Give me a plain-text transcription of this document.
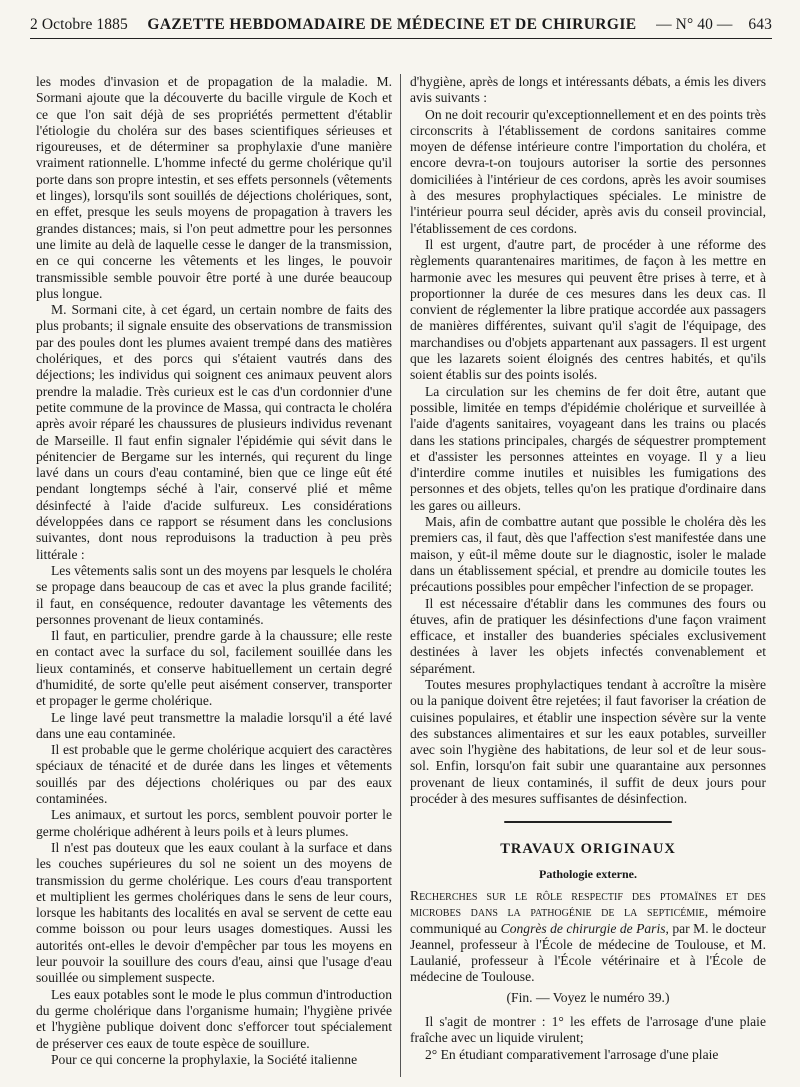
2 Octobre 1885 GAZETTE HEBDOMADAIRE DE MÉDECINE ET DE CHIRURGIE — N° 40 — 643

les modes d'invasion et de propagation de la maladie. M. Sormani ajoute que la découverte du bacille virgule de Koch et ce que l'on sait déjà de ses propriétés permettent d'établir l'étiologie du choléra sur des bases scientifiques sérieuses et rigoureuses, et de déterminer sa prophylaxie d'une manière vraiment rationnelle. L'homme infecté du germe cholérique qu'il porte dans son propre intestin, et ses effets personnels (vêtements et linges), lorsqu'ils sont souillés de déjections cholériques, sont, en effet, presque les seuls moyens de propagation à travers les grandes distances; mais, si l'on peut admettre pour les personnes une limite au delà de laquelle cesse le danger de la transmission, en ce qui concerne les vêtements et les linges, le pouvoir transmissible semble pouvoir être porté à une durée beaucoup plus longue.

M. Sormani cite, à cet égard, un certain nombre de faits des plus probants; il signale ensuite des observations de transmission par des poules dont les plumes avaient trempé dans des matières cholériques, et des porcs qui s'étaient vautrés dans des déjections; les individus qui soignent ces animaux peuvent alors prendre la maladie. Très curieux est le cas d'un cordonnier d'une petite commune de la province de Massa, qui contracta le choléra après avoir réparé les chaussures de plusieurs individus revenant de Marseille. Il faut enfin signaler l'épidémie qui sévit dans le pénitencier de Bergame sur les internés, qui reçurent du linge lavé dans un cours d'eau contaminé, bien que ce linge eût été pendant longtemps séché à l'air, conservé plié et même désinfecté à l'aide d'acide sulfureux. Les considérations développées dans ce rapport se résument dans les conclusions suivantes, dont nous reproduisons la traduction à peu près littérale :

Les vêtements salis sont un des moyens par lesquels le choléra se propage dans beaucoup de cas et avec la plus grande facilité; il faut, en conséquence, redouter davantage les vêtements des personnes provenant de lieux contaminés.

Il faut, en particulier, prendre garde à la chaussure; elle reste en contact avec la surface du sol, facilement souillée dans les lieux contaminés, et conserve habituellement un certain degré d'humidité, de sorte qu'elle peut aisément conserver, transporter et propager le germe cholérique.

Le linge lavé peut transmettre la maladie lorsqu'il a été lavé dans une eau contaminée.

Il est probable que le germe cholérique acquiert des caractères spéciaux de ténacité et de durée dans les linges et vêtements souillés par des déjections cholériques ou par des eaux contaminées.

Les animaux, et surtout les porcs, semblent pouvoir porter le germe cholérique adhérent à leurs poils et à leurs plumes.

Il n'est pas douteux que les eaux coulant à la surface et dans les couches supérieures du sol ne soient un des moyens de transmission du germe cholérique. Les cours d'eau transportent et multiplient les germes cholériques dans le sens de leur cours, lorsque les habitants des localités en aval se servent de cette eau comme boisson ou pour leurs usages domestiques. Aussi les autorités ont-elles le devoir d'empêcher par tous les moyens en leur pouvoir la souillure des cours d'eau, ainsi que l'usage d'eau souillée ou simplement suspecte.

Les eaux potables sont le mode le plus commun d'introduction du germe cholérique dans l'organisme humain; l'hygiène privée et l'hygiène publique doivent donc s'efforcer tout spécialement de préserver ces eaux de toute espèce de souillure.

Pour ce qui concerne la prophylaxie, la Société italienne

d'hygiène, après de longs et intéressants débats, a émis les divers avis suivants :

On ne doit recourir qu'exceptionnellement et en des points très circonscrits à l'établissement de cordons sanitaires comme moyen de défense intérieure contre l'importation du choléra, et encore devra-t-on toujours autoriser la sortie des personnes domiciliées à l'intérieur de ces cordons, après les avoir soumises à des mesures prophylactiques spéciales. Le ministre de l'intérieur pourra seul décider, après avis du conseil provincial, l'établissement de ces cordons.

Il est urgent, d'autre part, de procéder à une réforme des règlements quarantenaires maritimes, de façon à les mettre en harmonie avec les mesures qui peuvent être prises à terre, et à proportionner la durée de ces mesures dans les deux cas. Il convient de réglementer la libre pratique accordée aux passagers de manières différentes, suivant qu'il s'agit de l'équipage, des marchandises ou d'objets appartenant aux passagers. Il est urgent que les lazarets soient éloignés des centres habités, et qu'ils soient établis sur des points isolés.

La circulation sur les chemins de fer doit être, autant que possible, limitée en temps d'épidémie cholérique et surveillée à l'aide d'agents sanitaires, voyageant dans les trains ou placés dans les stations principales, chargés de séquestrer promptement et d'assister les personnes atteintes en voyage. Il y a lieu d'interdire comme inutiles et nuisibles les fumigations des personnes et des objets, telles qu'on les pratique d'ordinaire dans les gares ou ailleurs.

Mais, afin de combattre autant que possible le choléra dès les premiers cas, il faut, dès que l'affection s'est manifestée dans une maison, y eût-il même doute sur le diagnostic, isoler le malade dans un établissement spécial, et prendre au domicile toutes les précautions possibles pour empêcher l'infection de se propager.

Il est nécessaire d'établir dans les communes des fours ou étuves, afin de pratiquer les désinfections d'une façon vraiment efficace, et installer des buanderies spéciales exclusivement destinées à laver les objets infectés convenablement et séparément.

Toutes mesures prophylactiques tendant à accroître la misère ou la panique doivent être rejetées; il faut favoriser la création de cuisines populaires, et établir une inspection sévère sur la vente des substances alimentaires et sur les eaux potables, surveiller avec soin l'hygiène des habitations, de leur sol et de leur sous-sol. Enfin, lorsqu'on fait subir une quarantaine aux personnes provenant de lieux contaminés, il suffit de deux jours pour procéder à des mesures suffisantes de désinfection.

TRAVAUX ORIGINAUX
Pathologie externe.

Recherches sur le rôle respectif des ptomaïnes et des microbes dans la pathogénie de la septicémie, mémoire communiqué au Congrès de chirurgie de Paris, par M. le docteur Jeannel, professeur à l'École de médecine de Toulouse, et M. Laulanié, professeur à l'École vétérinaire et à l'École de médecine de Toulouse.

(Fin. — Voyez le numéro 39.)

Il s'agit de montrer : 1° les effets de l'arrosage d'une plaie fraîche avec un liquide virulent;

2° En étudiant comparativement l'arrosage d'une plaie
